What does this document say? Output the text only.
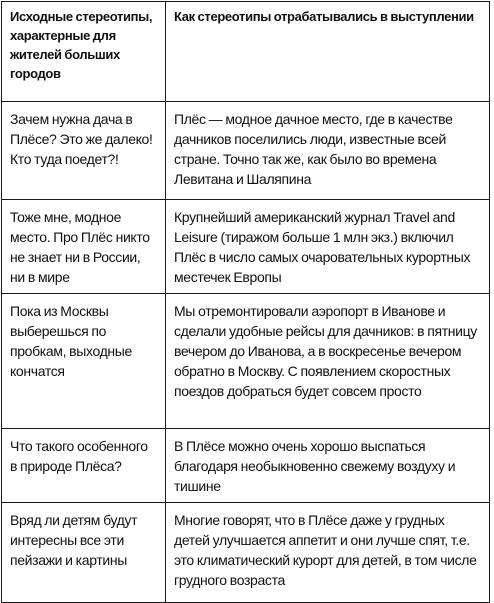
Исходные стереотипы, характерные для жителей больших городов	Как стереотипы отрабатывались в выступлении
Зачем нужна дача в Плёсе? Это же далеко! Кто туда поедет?!	Плёс — модное дачное место, где в качестве дачников поселились люди, известные всей стране. Точно так же, как было во времена Левитана и Шаляпина
Тоже мне, модное место. Про Плёс никто не знает ни в России, ни в мире	Крупнейший американский журнал Travel and Leisure (тиражом больше 1 млн экз.) включил Плёс в число самых очаровательных курортных местечек Европы
Пока из Москвы выберешься по пробкам, выходные кончатся	Мы отремонтировали аэропорт в Иванове и сделали удобные рейсы для дачников: в пятницу вечером до Иванова, а в воскресенье вечером обратно в Москву. С появлением скоростных поездов добраться будет совсем просто
Что такого особенного в природе Плёса?	В Плёсе можно очень хорошо выспаться благодаря необыкновенно свежему воздуху и тишине
Вряд ли детям будут интересны все эти пейзажи и картины	Многие говорят, что в Плёсе даже у грудных детей улучшается аппетит и они лучше спят, т.е. это климатический курорт для детей, в том числе грудного возраста
